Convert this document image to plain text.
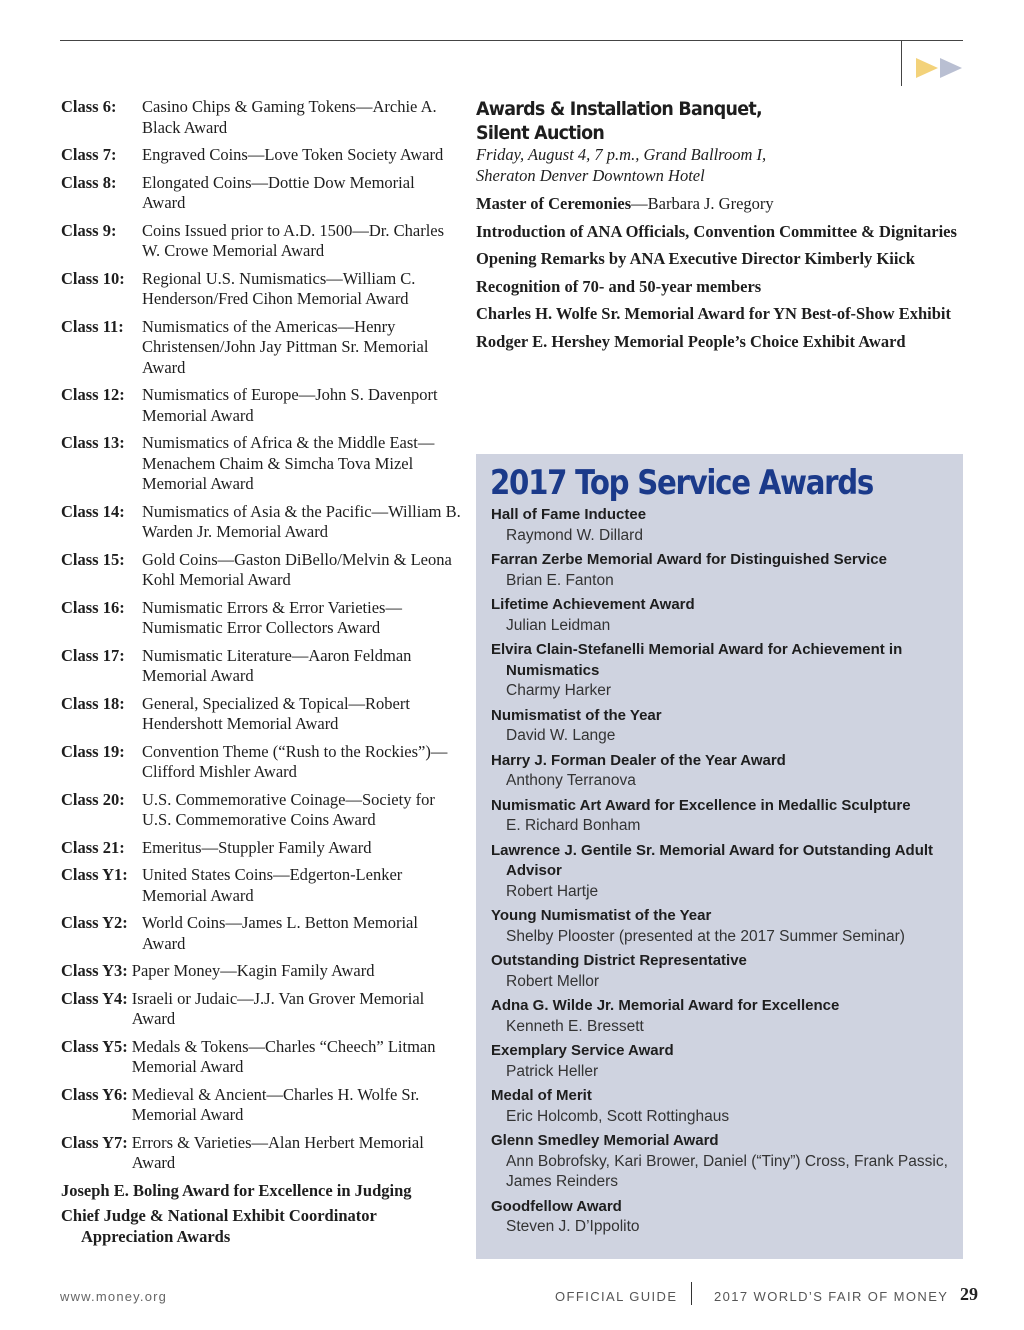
Class 6:	Casino Chips & Gaming Tokens—Archie A. Black Award
Class 7:	Engraved Coins—Love Token Society Award
Class 8:	Elongated Coins—Dottie Dow Memorial Award
Class 9:	Coins Issued prior to A.D. 1500—Dr. Charles W. Crowe Memorial Award
Class 10:	Regional U.S. Numismatics—William C. Henderson/Fred Cihon Memorial Award
Class 11:	Numismatics of the Americas—Henry Christensen/John Jay Pittman Sr. Memorial Award
Class 12:	Numismatics of Europe—John S. Davenport Memorial Award
Class 13:	Numismatics of Africa & the Middle East—Menachem Chaim & Simcha Tova Mizel Memorial Award
Class 14:	Numismatics of Asia & the Pacific—William B. Warden Jr. Memorial Award
Class 15:	Gold Coins—Gaston DiBello/Melvin & Leona Kohl Memorial Award
Class 16:	Numismatic Errors & Error Varieties—Numismatic Error Collectors Award
Class 17:	Numismatic Literature—Aaron Feldman Memorial Award
Class 18:	General, Specialized & Topical—Robert Hendershott Memorial Award
Class 19:	Convention Theme (“Rush to the Rockies”)—Clifford Mishler Award
Class 20:	U.S. Commemorative Coinage—Society for U.S. Commemorative Coins Award
Class 21:	Emeritus—Stuppler Family Award
Class Y1: United States Coins—Edgerton-Lenker Memorial Award
Class Y2: World Coins—James L. Betton Memorial Award
Class Y3: Paper Money—Kagin Family Award
Class Y4: Israeli or Judaic—J.J. Van Grover Memorial Award
Class Y5: Medals & Tokens—Charles “Cheech” Litman Memorial Award
Class Y6: Medieval & Ancient—Charles H. Wolfe Sr. Memorial Award
Class Y7: Errors & Varieties—Alan Herbert Memorial Award
Joseph E. Boling Award for Excellence in Judging
Chief Judge & National Exhibit Coordinator Appreciation Awards
Awards & Installation Banquet,
Silent Auction
Friday, August 4, 7 p.m., Grand Ballroom I,
Sheraton Denver Downtown Hotel
Master of Ceremonies—Barbara J. Gregory
Introduction of ANA Officials, Convention Committee & Dignitaries
Opening Remarks by ANA Executive Director Kimberly Kiick
Recognition of 70- and 50-year members
Charles H. Wolfe Sr. Memorial Award for YN Best-of-Show Exhibit
Rodger E. Hershey Memorial People’s Choice Exhibit Award
2017 Top Service Awards
Hall of Fame Inductee
Raymond W. Dillard
Farran Zerbe Memorial Award for Distinguished Service
Brian E. Fanton
Lifetime Achievement Award
Julian Leidman
Elvira Clain-Stefanelli Memorial Award for Achievement in Numismatics
Charmy Harker
Numismatist of the Year
David W. Lange
Harry J. Forman Dealer of the Year Award
Anthony Terranova
Numismatic Art Award for Excellence in Medallic Sculpture
E. Richard Bonham
Lawrence J. Gentile Sr. Memorial Award for Outstanding Adult Advisor
Robert Hartje
Young Numismatist of the Year
Shelby Plooster (presented at the 2017 Summer Seminar)
Outstanding District Representative
Robert Mellor
Adna G. Wilde Jr. Memorial Award for Excellence
Kenneth E. Bressett
Exemplary Service Award
Patrick Heller
Medal of Merit
Eric Holcomb, Scott Rottinghaus
Glenn Smedley Memorial Award
Ann Bobrofsky, Kari Brower, Daniel (“Tiny”) Cross, Frank Passic, James Reinders
Goodfellow Award
Steven J. D’Ippolito
www.money.org	OFFICIAL GUIDE	2017 WORLD’S FAIR OF MONEY 29
